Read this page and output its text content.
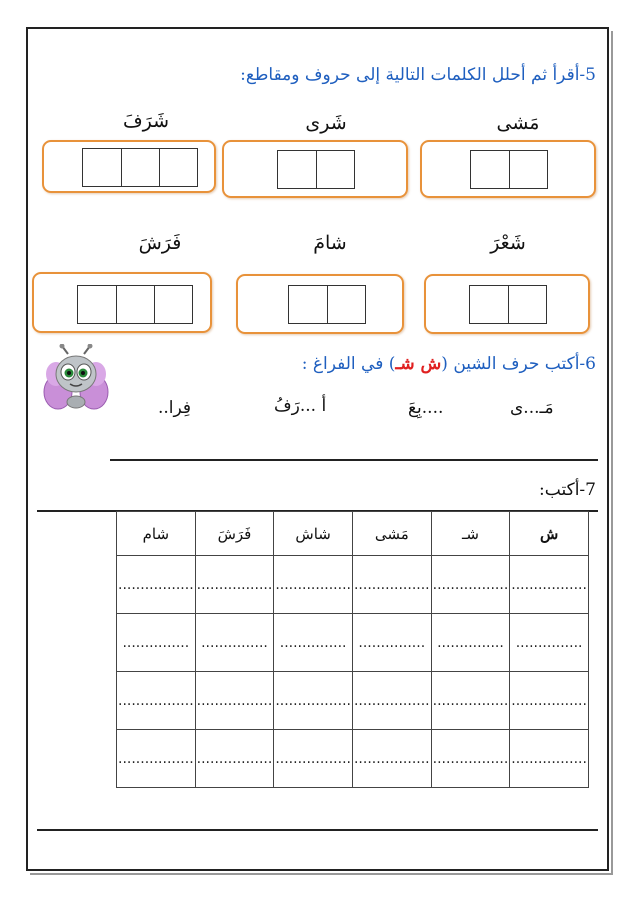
5-أقرأ ثم أحلل الكلمات التالية إلى حروف ومقاطع:
مَشى
شَرى
شَرَفَ
شَعْرَ
شامَ
فَرَشَ
6-أكتب حرف الشين (ش شـ) في الفراغ :
مَـ...ى
....بِعَ
أ ...رَفُ
فِرا..
7-أكتب:
ش	شـ	مَشى	شاش	فَرَشَ	شام
.................	.................	.................	.................	.................	.................
...............	...............	...............	...............	...............	...............
.................	.................	.................	.................	.................	.................
.................	.................	.................	.................	.................	.................
